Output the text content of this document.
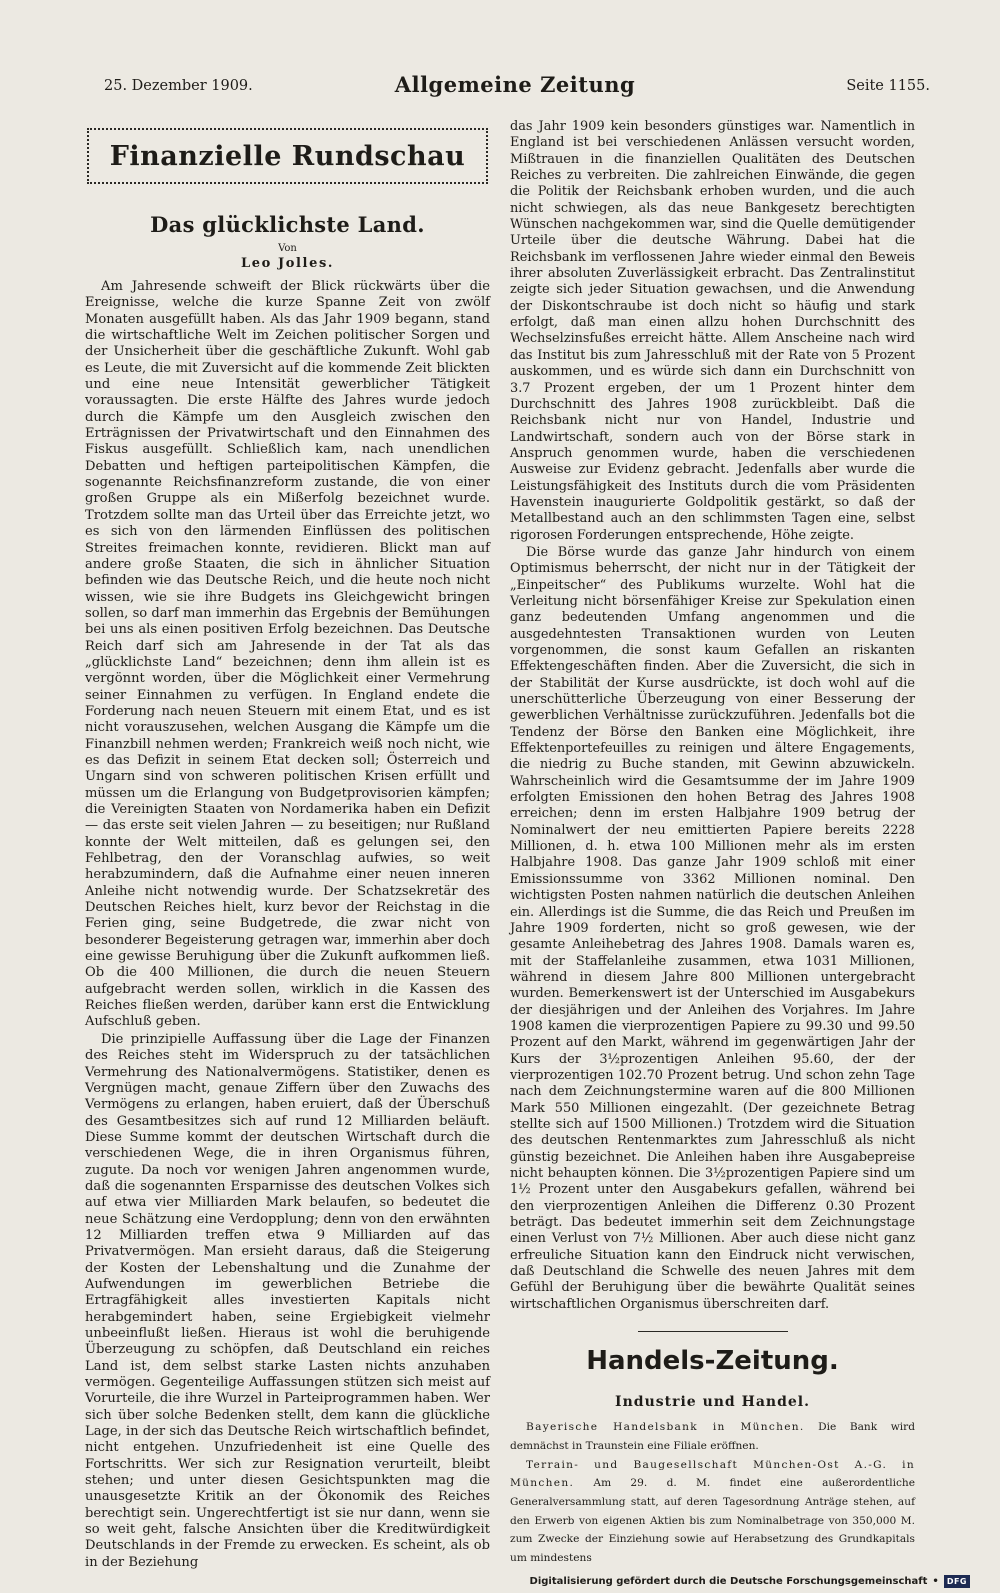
25. Dezember 1909.	Allgemeine Zeitung	Seite 1155.
Finanzielle Rundschau
Das glücklichste Land.
Von
Leo Jolles.

Am Jahresende schweift der Blick rückwärts über die Ereignisse, welche die kurze Spanne Zeit von zwölf Monaten ausgefüllt haben. Als das Jahr 1909 begann, stand die wirtschaftliche Welt im Zeichen politischer Sorgen und der Unsicherheit über die geschäftliche Zukunft. Wohl gab es Leute, die mit Zuversicht auf die kommende Zeit blickten und eine neue Intensität gewerblicher Tätigkeit voraussagten. Die erste Hälfte des Jahres wurde jedoch durch die Kämpfe um den Ausgleich zwischen den Erträgnissen der Privatwirtschaft und den Einnahmen des Fiskus ausgefüllt. Schließlich kam, nach unendlichen Debatten und heftigen parteipolitischen Kämpfen, die sogenannte Reichsfinanzreform zustande, die von einer großen Gruppe als ein Mißerfolg bezeichnet wurde. Trotzdem sollte man das Urteil über das Erreichte jetzt, wo es sich von den lärmenden Einflüssen des politischen Streites freimachen konnte, revidieren. Blickt man auf andere große Staaten, die sich in ähnlicher Situation befinden wie das Deutsche Reich, und die heute noch nicht wissen, wie sie ihre Budgets ins Gleichgewicht bringen sollen, so darf man immerhin das Ergebnis der Bemühungen bei uns als einen positiven Erfolg bezeichnen. Das Deutsche Reich darf sich am Jahresende in der Tat als das „glücklichste Land“ bezeichnen; denn ihm allein ist es vergönnt worden, über die Möglichkeit einer Vermehrung seiner Einnahmen zu verfügen. In England endete die Forderung nach neuen Steuern mit einem Etat, und es ist nicht vorauszusehen, welchen Ausgang die Kämpfe um die Finanzbill nehmen werden; Frankreich weiß noch nicht, wie es das Defizit in seinem Etat decken soll; Österreich und Ungarn sind von schweren politischen Krisen erfüllt und müssen um die Erlangung von Budgetprovisorien kämpfen; die Vereinigten Staaten von Nordamerika haben ein Defizit — das erste seit vielen Jahren — zu beseitigen; nur Rußland konnte der Welt mitteilen, daß es gelungen sei, den Fehlbetrag, den der Voranschlag aufwies, so weit herabzumindern, daß die Aufnahme einer neuen inneren Anleihe nicht notwendig wurde. Der Schatzsekretär des Deutschen Reiches hielt, kurz bevor der Reichstag in die Ferien ging, seine Budgetrede, die zwar nicht von besonderer Begeisterung getragen war, immerhin aber doch eine gewisse Beruhigung über die Zukunft aufkommen ließ. Ob die 400 Millionen, die durch die neuen Steuern aufgebracht werden sollen, wirklich in die Kassen des Reiches fließen werden, darüber kann erst die Entwicklung Aufschluß geben.

Die prinzipielle Auffassung über die Lage der Finanzen des Reiches steht im Widerspruch zu der tatsächlichen Vermehrung des Nationalvermögens. Statistiker, denen es Vergnügen macht, genaue Ziffern über den Zuwachs des Vermögens zu erlangen, haben eruiert, daß der Überschuß des Gesamtbesitzes sich auf rund 12 Milliarden beläuft. Diese Summe kommt der deutschen Wirtschaft durch die verschiedenen Wege, die in ihren Organismus führen, zugute. Da noch vor wenigen Jahren angenommen wurde, daß die sogenannten Ersparnisse des deutschen Volkes sich auf etwa vier Milliarden Mark belaufen, so bedeutet die neue Schätzung eine Verdopplung; denn von den erwähnten 12 Milliarden treffen etwa 9 Milliarden auf das Privatvermögen. Man ersieht daraus, daß die Steigerung der Kosten der Lebenshaltung und die Zunahme der Aufwendungen im gewerblichen Betriebe die Ertragfähigkeit alles investierten Kapitals nicht herabgemindert haben, seine Ergiebigkeit vielmehr unbeeinflußt ließen. Hieraus ist wohl die beruhigende Überzeugung zu schöpfen, daß Deutschland ein reiches Land ist, dem selbst starke Lasten nichts anzuhaben vermögen. Gegenteilige Auffassungen stützen sich meist auf Vorurteile, die ihre Wurzel in Parteiprogrammen haben. Wer sich über solche Bedenken stellt, dem kann die glückliche Lage, in der sich das Deutsche Reich wirtschaftlich befindet, nicht entgehen. Unzufriedenheit ist eine Quelle des Fortschritts. Wer sich zur Resignation verurteilt, bleibt stehen; und unter diesen Gesichtspunkten mag die unausgesetzte Kritik an der Ökonomik des Reiches berechtigt sein. Ungerechtfertigt ist sie nur dann, wenn sie so weit geht, falsche Ansichten über die Kreditwürdigkeit Deutschlands in der Fremde zu erwecken. Es scheint, als ob in der Beziehung

das Jahr 1909 kein besonders günstiges war. Namentlich in England ist bei verschiedenen Anlässen versucht worden, Mißtrauen in die finanziellen Qualitäten des Deutschen Reiches zu verbreiten. Die zahlreichen Einwände, die gegen die Politik der Reichsbank erhoben wurden, und die auch nicht schwiegen, als das neue Bankgesetz berechtigten Wünschen nachgekommen war, sind die Quelle demütigender Urteile über die deutsche Währung. Dabei hat die Reichsbank im verflossenen Jahre wieder einmal den Beweis ihrer absoluten Zuverlässigkeit erbracht. Das Zentralinstitut zeigte sich jeder Situation gewachsen, und die Anwendung der Diskontschraube ist doch nicht so häufig und stark erfolgt, daß man einen allzu hohen Durchschnitt des Wechselzinsfußes erreicht hätte. Allem Anscheine nach wird das Institut bis zum Jahresschluß mit der Rate von 5 Prozent auskommen, und es würde sich dann ein Durchschnitt von 3.7 Prozent ergeben, der um 1 Prozent hinter dem Durchschnitt des Jahres 1908 zurückbleibt. Daß die Reichsbank nicht nur von Handel, Industrie und Landwirtschaft, sondern auch von der Börse stark in Anspruch genommen wurde, haben die verschiedenen Ausweise zur Evidenz gebracht. Jedenfalls aber wurde die Leistungsfähigkeit des Instituts durch die vom Präsidenten Havenstein inaugurierte Goldpolitik gestärkt, so daß der Metallbestand auch an den schlimmsten Tagen eine, selbst rigorosen Forderungen entsprechende, Höhe zeigte.

Die Börse wurde das ganze Jahr hindurch von einem Optimismus beherrscht, der nicht nur in der Tätigkeit der „Einpeitscher“ des Publikums wurzelte. Wohl hat die Verleitung nicht börsenfähiger Kreise zur Spekulation einen ganz bedeutenden Umfang angenommen und die ausgedehntesten Transaktionen wurden von Leuten vorgenommen, die sonst kaum Gefallen an riskanten Effektengeschäften finden. Aber die Zuversicht, die sich in der Stabilität der Kurse ausdrückte, ist doch wohl auf die unerschütterliche Überzeugung von einer Besserung der gewerblichen Verhältnisse zurückzuführen. Jedenfalls bot die Tendenz der Börse den Banken eine Möglichkeit, ihre Effektenportefeuilles zu reinigen und ältere Engagements, die niedrig zu Buche standen, mit Gewinn abzuwickeln. Wahrscheinlich wird die Gesamtsumme der im Jahre 1909 erfolgten Emissionen den hohen Betrag des Jahres 1908 erreichen; denn im ersten Halbjahre 1909 betrug der Nominalwert der neu emittierten Papiere bereits 2228 Millionen, d. h. etwa 100 Millionen mehr als im ersten Halbjahre 1908. Das ganze Jahr 1909 schloß mit einer Emissionssumme von 3362 Millionen nominal. Den wichtigsten Posten nahmen natürlich die deutschen Anleihen ein. Allerdings ist die Summe, die das Reich und Preußen im Jahre 1909 forderten, nicht so groß gewesen, wie der gesamte Anleihebetrag des Jahres 1908. Damals waren es, mit der Staffelanleihe zusammen, etwa 1031 Millionen, während in diesem Jahre 800 Millionen untergebracht wurden. Bemerkenswert ist der Unterschied im Ausgabekurs der diesjährigen und der Anleihen des Vorjahres. Im Jahre 1908 kamen die vierprozentigen Papiere zu 99.30 und 99.50 Prozent auf den Markt, während im gegenwärtigen Jahr der Kurs der 3½prozentigen Anleihen 95.60, der der vierprozentigen 102.70 Prozent betrug. Und schon zehn Tage nach dem Zeichnungstermine waren auf die 800 Millionen Mark 550 Millionen eingezahlt. (Der gezeichnete Betrag stellte sich auf 1500 Millionen.) Trotzdem wird die Situation des deutschen Rentenmarktes zum Jahresschluß als nicht günstig bezeichnet. Die Anleihen haben ihre Ausgabepreise nicht behaupten können. Die 3½prozentigen Papiere sind um 1½ Prozent unter den Ausgabekurs gefallen, während bei den vierprozentigen Anleihen die Differenz 0.30 Prozent beträgt. Das bedeutet immerhin seit dem Zeichnungstage einen Verlust von 7½ Millionen. Aber auch diese nicht ganz erfreuliche Situation kann den Eindruck nicht verwischen, daß Deutschland die Schwelle des neuen Jahres mit dem Gefühl der Beruhigung über die bewährte Qualität seines wirtschaftlichen Organismus überschreiten darf.

Handels-Zeitung.
Industrie und Handel.

Bayerische Handelsbank in München. Die Bank wird demnächst in Traunstein eine Filiale eröffnen.

Terrain- und Baugesellschaft München-Ost A.-G. in München. Am 29. d. M. findet eine außerordentliche Generalversammlung statt, auf deren Tagesordnung Anträge stehen, auf den Erwerb von eigenen Aktien bis zum Nominalbetrage von 350,000 M. zum Zwecke der Einziehung sowie auf Herabsetzung des Grundkapitals um mindestens

Digitalisierung gefördert durch die Deutsche Forschungsgemeinschaft •	DFG
